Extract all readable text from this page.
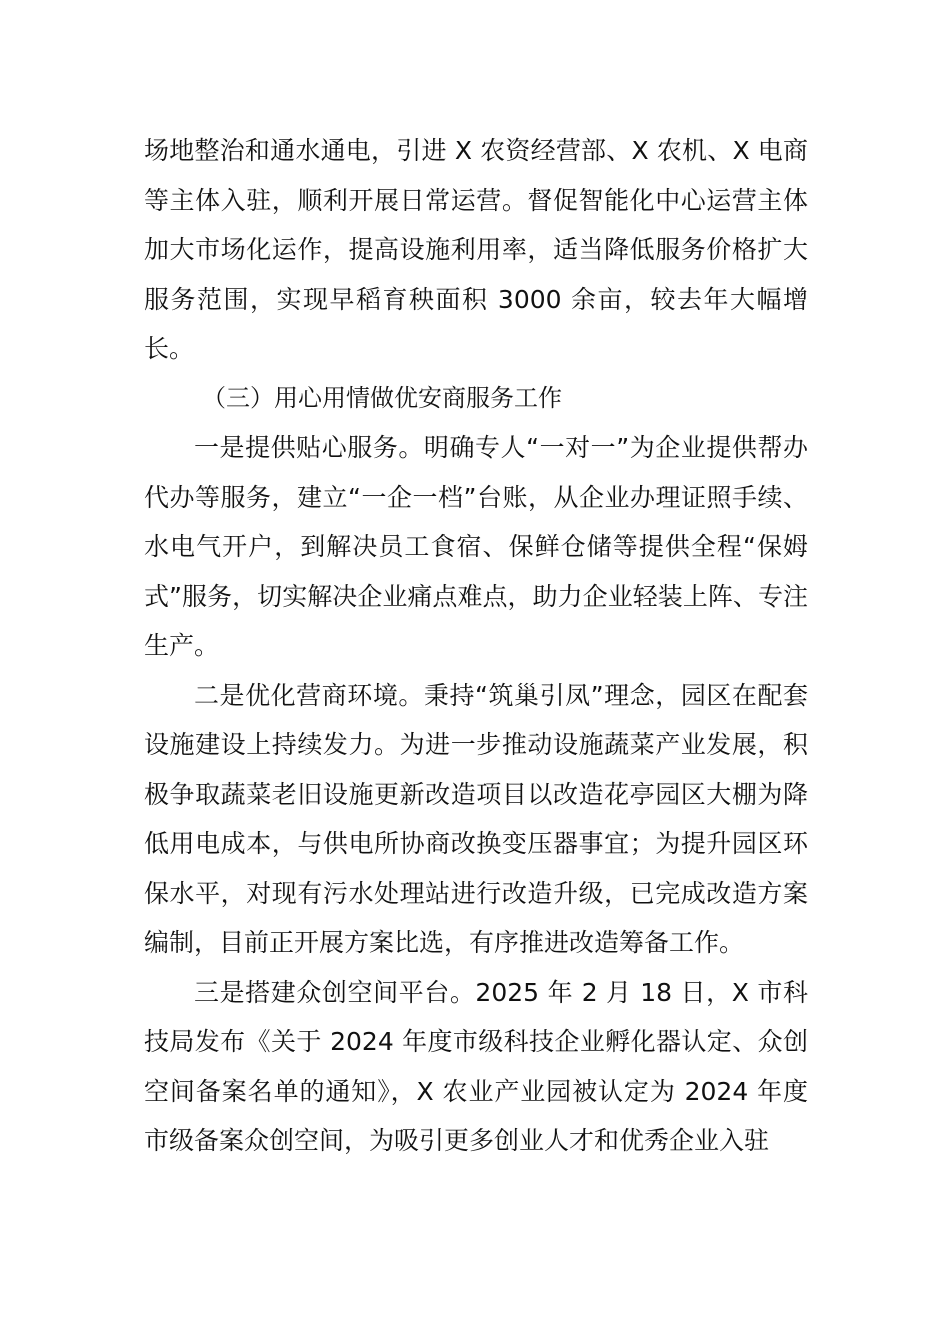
场地整治和通水通电，引进 X 农资经营部、X 农机、X 电商等主体入驻，顺利开展日常运营。督促智能化中心运营主体加大市场化运作，提高设施利用率，适当降低服务价格扩大服务范围，实现早稻育秧面积 3000 余亩，较去年大幅增长。

（三）用心用情做优安商服务工作

一是提供贴心服务。明确专人“一对一”为企业提供帮办代办等服务，建立“一企一档”台账，从企业办理证照手续、水电气开户，到解决员工食宿、保鲜仓储等提供全程“保姆式”服务，切实解决企业痛点难点，助力企业轻装上阵、专注生产。

二是优化营商环境。秉持“筑巢引凤”理念，园区在配套设施建设上持续发力。为进一步推动设施蔬菜产业发展，积极争取蔬菜老旧设施更新改造项目以改造花亭园区大棚为降低用电成本，与供电所协商改换变压器事宜；为提升园区环保水平，对现有污水处理站进行改造升级，已完成改造方案编制，目前正开展方案比选，有序推进改造筹备工作。

三是搭建众创空间平台。2025 年 2 月 18 日，X 市科技局发布《关于 2024 年度市级科技企业孵化器认定、众创空间备案名单的通知》，X 农业产业园被认定为 2024 年度市级备案众创空间，为吸引更多创业人才和优秀企业入驻
